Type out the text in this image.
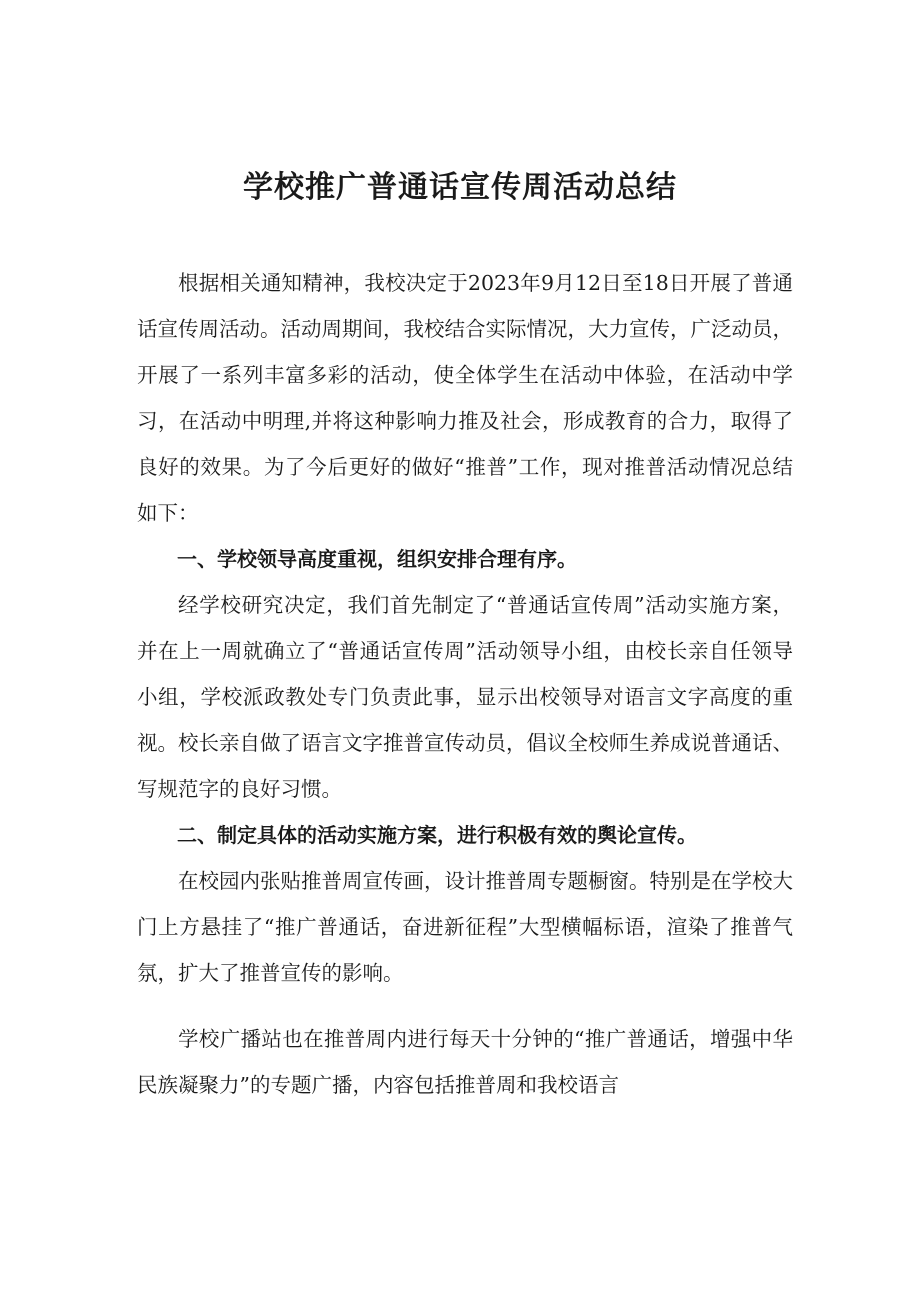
学校推广普通话宣传周活动总结

根据相关通知精神，我校决定于2023年9月12日至18日开展了普通话宣传周活动。活动周期间，我校结合实际情况，大力宣传，广泛动员，开展了一系列丰富多彩的活动，使全体学生在活动中体验，在活动中学习，在活动中明理,并将这种影响力推及社会，形成教育的合力，取得了良好的效果。为了今后更好的做好“推普”工作，现对推普活动情况总结如下：

一、学校领导高度重视，组织安排合理有序。

经学校研究决定，我们首先制定了“普通话宣传周”活动实施方案，并在上一周就确立了“普通话宣传周”活动领导小组，由校长亲自任领导小组，学校派政教处专门负责此事，显示出校领导对语言文字高度的重视。校长亲自做了语言文字推普宣传动员，倡议全校师生养成说普通话、写规范字的良好习惯。

二、制定具体的活动实施方案，进行积极有效的舆论宣传。

在校园内张贴推普周宣传画，设计推普周专题橱窗。特别是在学校大门上方悬挂了“推广普通话，奋进新征程”大型横幅标语，渲染了推普气氛，扩大了推普宣传的影响。

学校广播站也在推普周内进行每天十分钟的“推广普通话，增强中华民族凝聚力”的专题广播，内容包括推普周和我校语言
